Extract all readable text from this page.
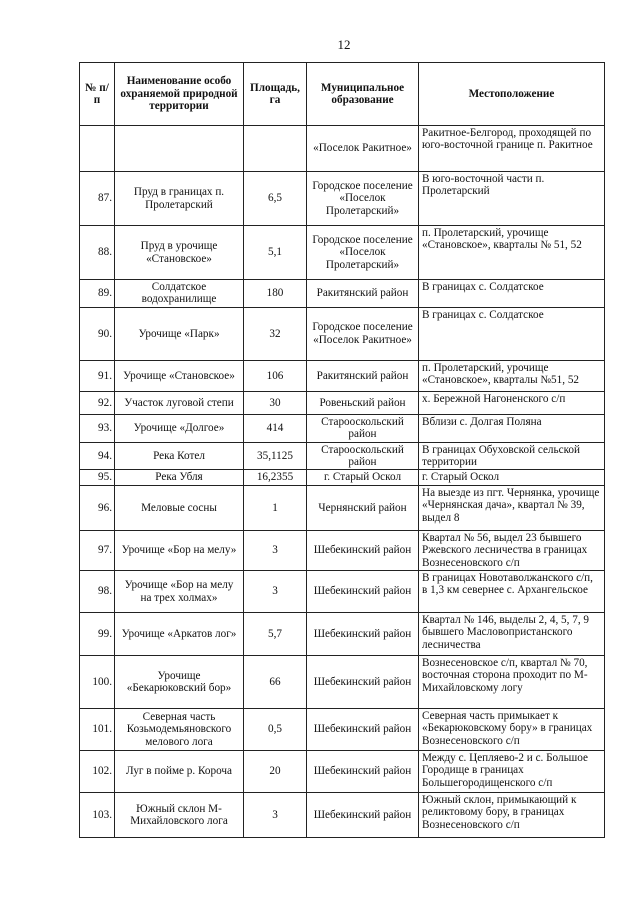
12
№ п/п	Наименование особо охраняемой природной территории	Площадь, га	Муниципальное образование	Местоположение
			«Поселок Ракитное»	Ракитное-Белгород, проходящей по юго-восточной границе п. Ракитное
87.	Пруд в границах п. Пролетарский	6,5	Городское поселение «Поселок Пролетарский»	В юго-восточной части п. Пролетарский
88.	Пруд в урочище «Становское»	5,1	Городское поселение «Поселок Пролетарский»	п. Пролетарский, урочище «Становское», кварталы № 51, 52
89.	Солдатское водохранилище	180	Ракитянский район	В границах с. Солдатское
90.	Урочище «Парк»	32	Городское поселение «Поселок Ракитное»	В границах с. Солдатское
91.	Урочище «Становское»	106	Ракитянский район	п. Пролетарский, урочище «Становское», кварталы №51, 52
92.	Участок луговой степи	30	Ровеньский район	х. Бережной Нагоненского с/п
93.	Урочище «Долгое»	414	Старооскольский район	Вблизи с. Долгая Поляна
94.	Река Котел	35,1125	Старооскольский район	В границах Обуховской сельской территории
95.	Река Убля	16,2355	г. Старый Оскол	г. Старый Оскол
96.	Меловые сосны	1	Чернянский район	На выезде из пгт. Чернянка, урочище «Чернянская дача», квартал № 39, выдел 8
97.	Урочище «Бор на мелу»	3	Шебекинский район	Квартал № 56, выдел 23 бывшего Ржевского лесничества в границах Вознесеновского с/п
98.	Урочище «Бор на мелу на трех холмах»	3	Шебекинский район	В границах Новотаволжанского с/п, в 1,3 км севернее с. Архангельское
99.	Урочище «Аркатов лог»	5,7	Шебекинский район	Квартал № 146, выделы 2, 4, 5, 7, 9 бывшего Масловопристанского лесничества
100.	Урочище «Бекарюковский бор»	66	Шебекинский район	Вознесеновское с/п, квартал № 70, восточная сторона проходит по М-Михайловскому логу
101.	Северная часть Козьмодемьяновского мелового лога	0,5	Шебекинский район	Северная часть примыкает к «Бекарюковскому бору» в границах Вознесеновского с/п
102.	Луг в пойме р. Короча	20	Шебекинский район	Между с. Цепляево-2 и с. Большое Городище в границах Большегородищенского с/п
103.	Южный склон М-Михайловского лога	3	Шебекинский район	Южный склон, примыкающий к реликтовому бору, в границах Вознесеновского с/п
